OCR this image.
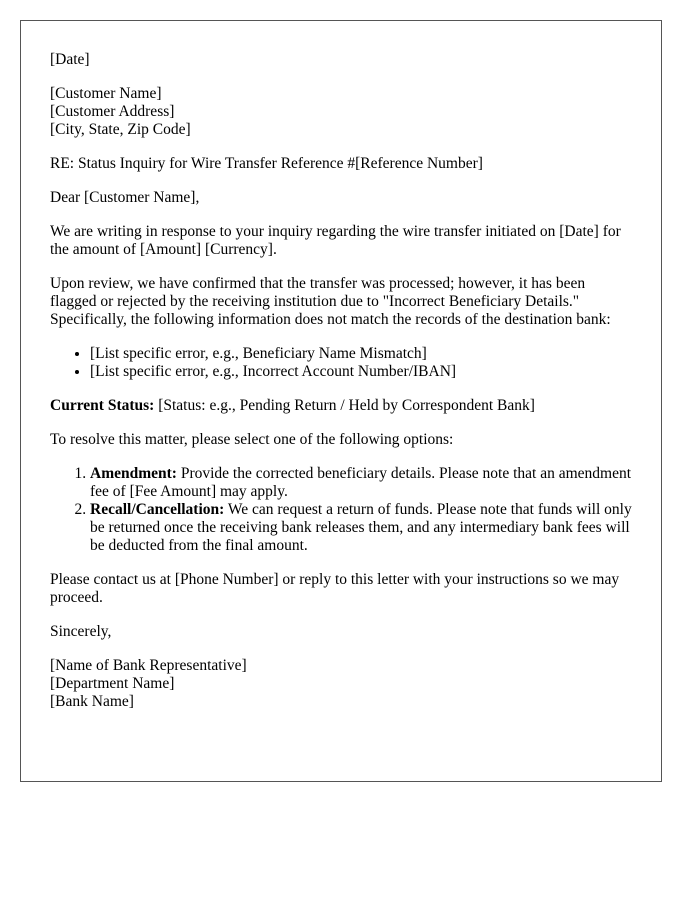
[Date]

[Customer Name]
[Customer Address]
[City, State, Zip Code]

RE: Status Inquiry for Wire Transfer Reference #[Reference Number]

Dear [Customer Name],

We are writing in response to your inquiry regarding the wire transfer initiated on [Date] for the amount of [Amount] [Currency].

Upon review, we have confirmed that the transfer was processed; however, it has been flagged or rejected by the receiving institution due to "Incorrect Beneficiary Details." Specifically, the following information does not match the records of the destination bank:

• [List specific error, e.g., Beneficiary Name Mismatch]
• [List specific error, e.g., Incorrect Account Number/IBAN]

Current Status: [Status: e.g., Pending Return / Held by Correspondent Bank]

To resolve this matter, please select one of the following options:

1. Amendment: Provide the corrected beneficiary details. Please note that an amendment fee of [Fee Amount] may apply.
2. Recall/Cancellation: We can request a return of funds. Please note that funds will only be returned once the receiving bank releases them, and any intermediary bank fees will be deducted from the final amount.

Please contact us at [Phone Number] or reply to this letter with your instructions so we may proceed.

Sincerely,

[Name of Bank Representative]
[Department Name]
[Bank Name]
